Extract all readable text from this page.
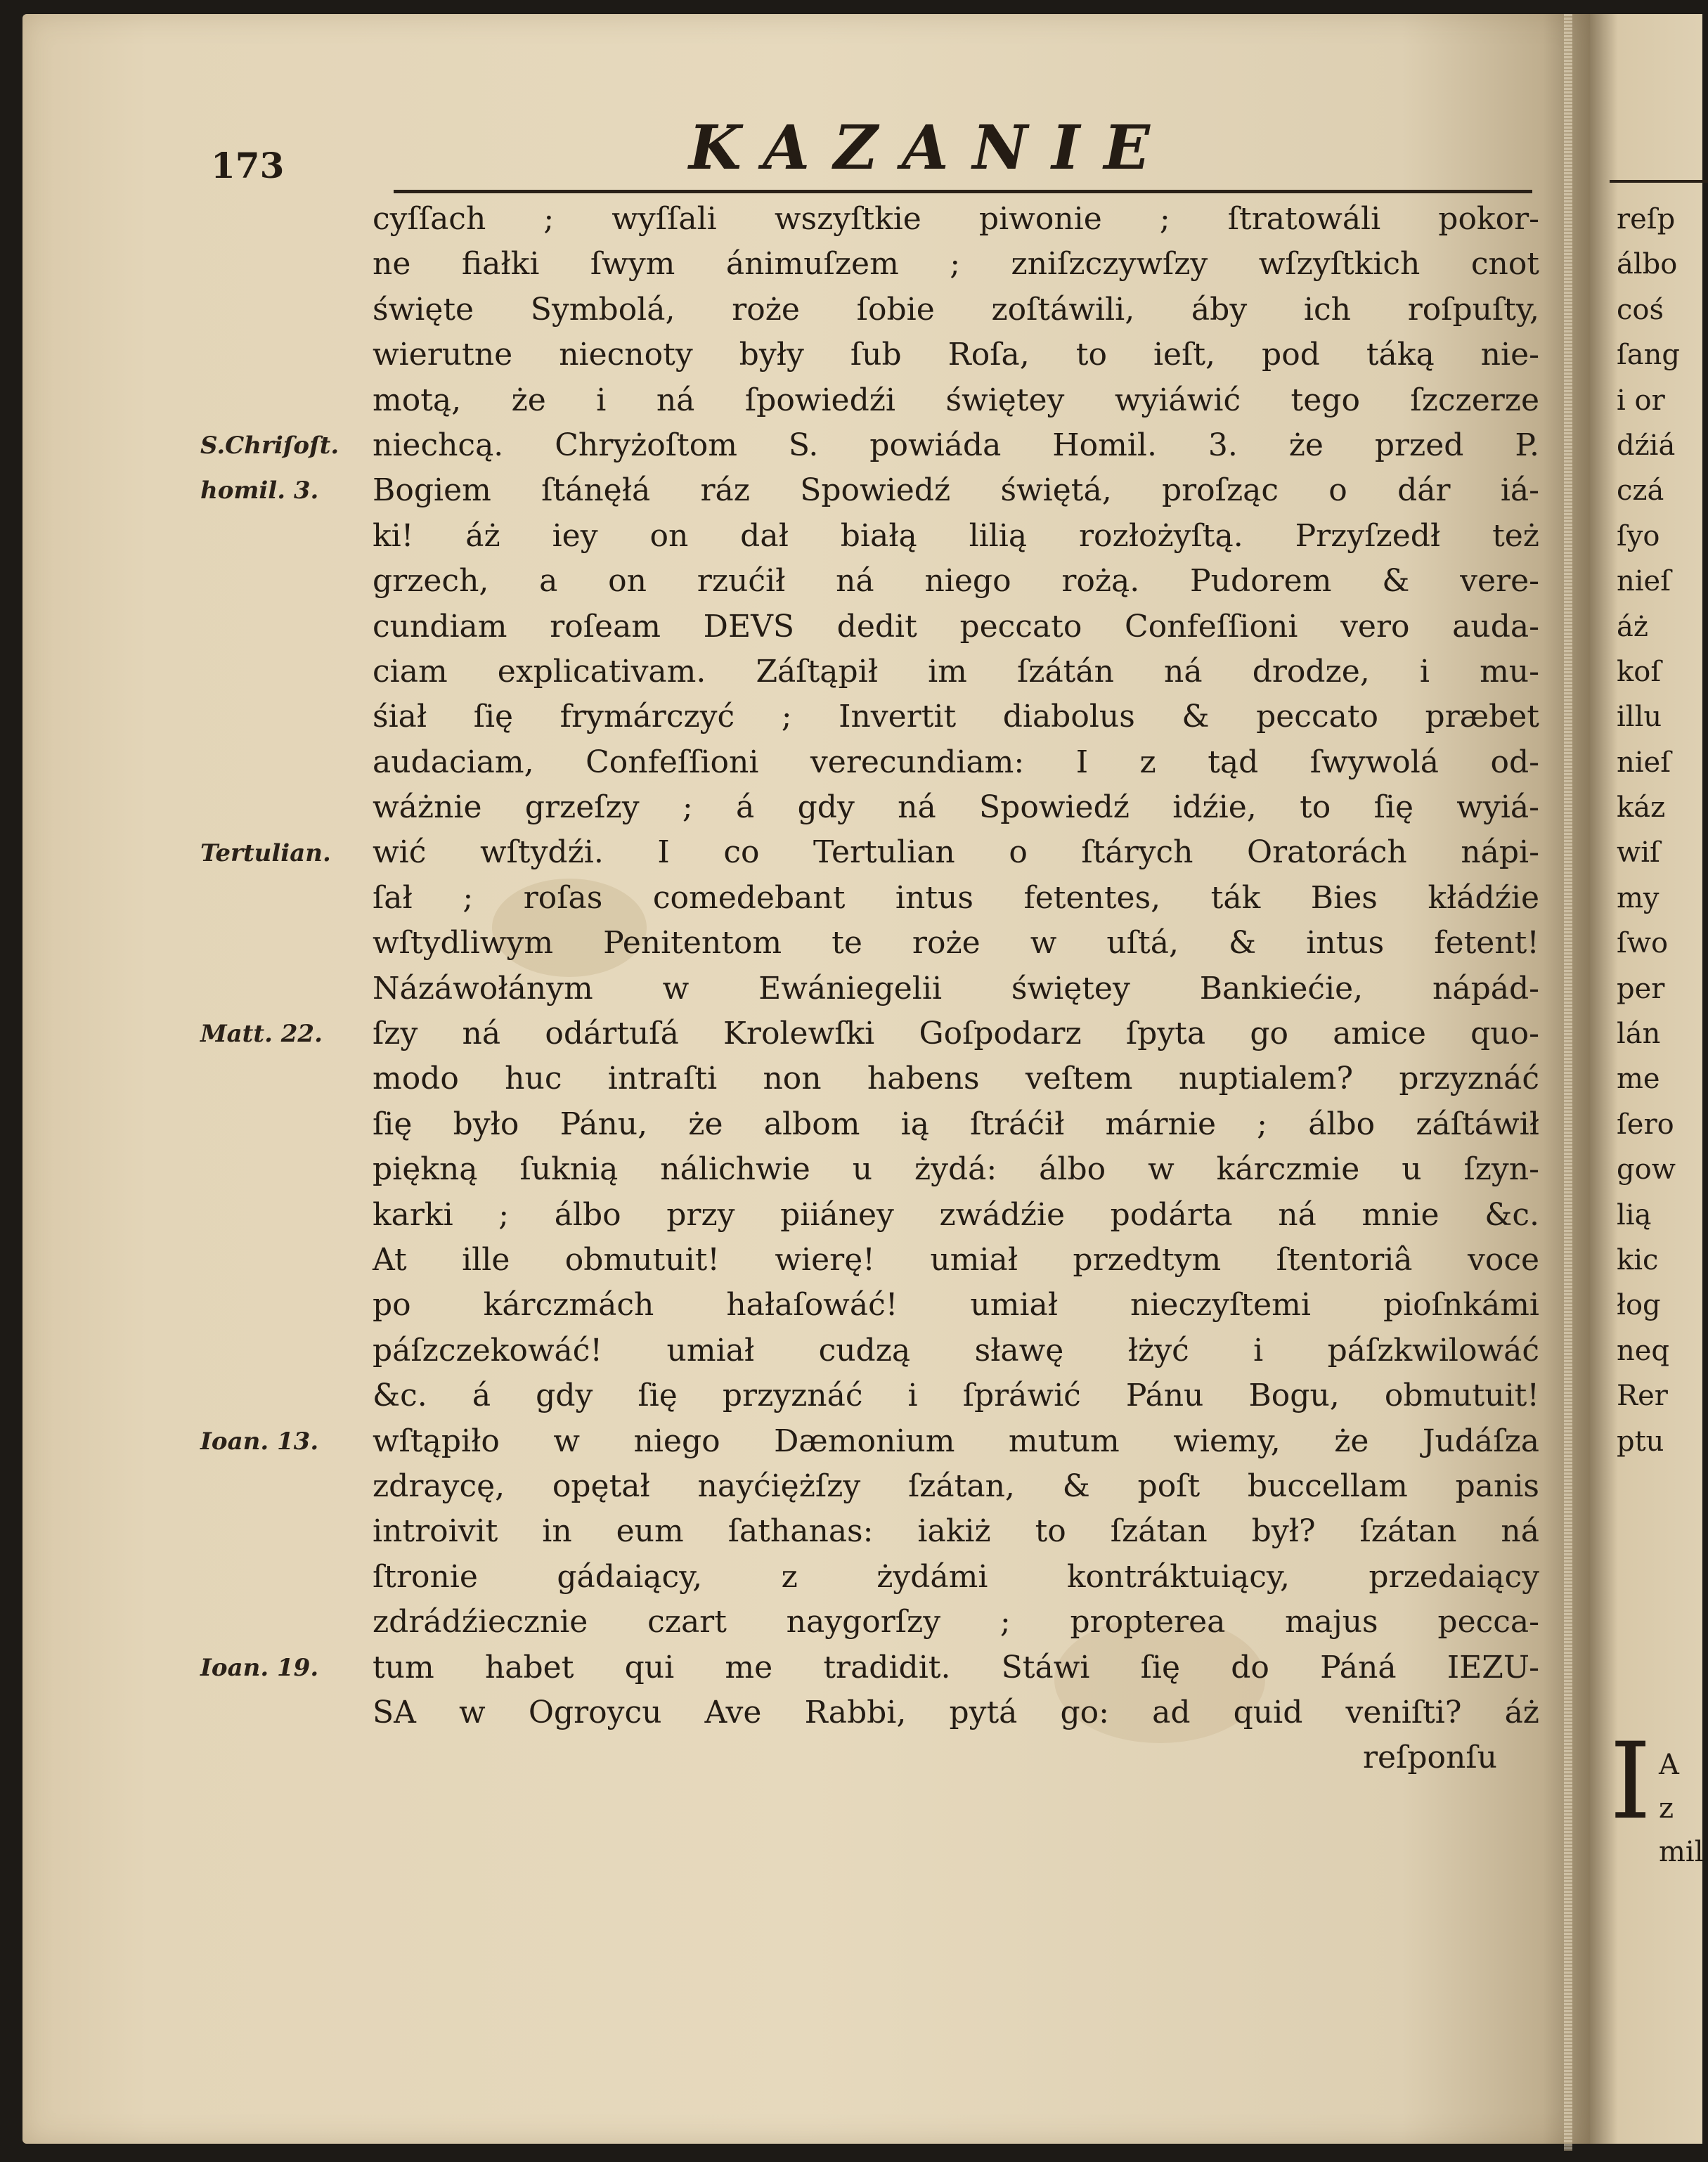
173	KAZANIE
cyſſach ; wyſſali wszyſtkie piwonie ; ſtratowáli pokor-
ne fiałki ſwym ánimuſzem ; zniſzczywſzy wſzyſtkich cnot
święte Symbolá, roże ſobie zoſtáwili, áby ich roſpuſty,
wierutne niecnoty były ſub Roſa, to ieſt, pod táką nie-
motą, że i ná ſpowiedźi świętey wyiáwić tego ſzczerze
niechcą. Chryżoſtom S. powiáda Homil. 3. że przed P.
Bogiem ſtánęłá ráz Spowiedź świętá, proſząc o dár iá-
ki! áż iey on dał białą lilią rozłożyſtą. Przyſzedł też
grzech, a on rzućił ná niego rożą. Pudorem & vere-
cundiam roſeam DEVS dedit peccato Confeſſioni vero auda-
ciam explicativam. Záſtąpił im ſzátán ná drodze, i mu-
śiał ſię frymárczyć ; Invertit diabolus & peccato præbet
audaciam, Confeſſioni verecundiam: I z tąd ſwywolá od-
wáżnie grzeſzy ; á gdy ná Spowiedź idźie, to ſię wyiá-
wić wſtydźi. I co Tertulian o ſtárych Oratorách nápi-
ſał ; roſas comedebant intus fetentes, ták Bies kłádźie
wſtydliwym Penitentom te roże w uſtá, & intus fetent!
Názáwołánym w Ewániegelii świętey Bankiećie, nápád-
ſzy ná odártuſá Krolewſki Goſpodarz ſpyta go amice quo-
modo huc intraſti non habens veſtem nuptialem? przyznáć
ſię było Pánu, że albom ią ſtráćił márnie ; álbo záſtáwił
piękną ſuknią nálichwie u żydá: álbo w kárczmie u ſzyn-
karki ; álbo przy piiáney zwádźie podárta ná mnie &c.
At ille obmutuit! wierę! umiał przedtym ſtentoriâ voce
po kárczmách hałaſowáć! umiał nieczyſtemi pioſnkámi
páſzczekowáć! umiał cudzą sławę łżyć i páſzkwilowáć
&c. á gdy ſię przyznáć i ſpráwić Pánu Bogu, obmutuit!
wſtąpiło w niego Dæmonium mutum wiemy, że Judáſza
zdraycę, opętał nayćiężſzy ſzátan, & poſt buccellam panis
introivit in eum ſathanas: iakiż to ſzátan był? ſzátan ná
ſtronie gádaiący, z żydámi kontráktuiący, przedaiący
zdrádźiecznie czart naygorſzy ; propterea majus pecca-
tum habet qui me tradidit. Stáwi ſię do Páná IEZU-
SA w Ogroycu Ave Rabbi, pytá go: ad quid veniſti? áż
reſponſu
S.Chriſoſt.
homil. 3.
Tertulian.
Matt. 22.
Ioan. 13.
Ioan. 19.
reſp
álbo
coś
ſang
i or
dźiá
czá
ſyo
nieſ
áż
koſ
illu
nieſ
káz
wiſ
my
ſwo
per
lán
me
ſero
gow
lią
kic
łog
neq
Rer
ptu
I A
z
mil
